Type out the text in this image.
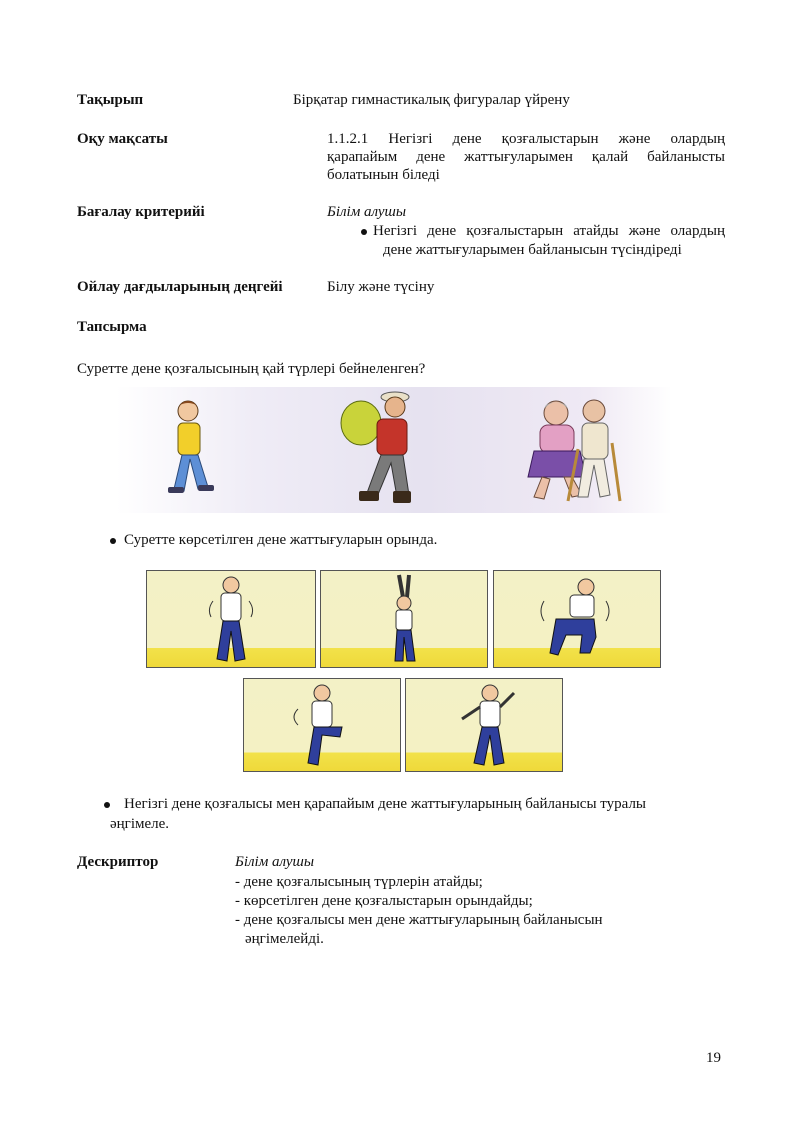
Тақырып	Бірқатар гимнастикалық фигуралар үйрену
Оқу мақсаты	1.1.2.1 Негізгі дене қозғалыстарын және олардың
қарапайым дене жаттығуларымен қалай байланысты
болатынын біледі
Бағалау критерийі	Білім алушы
Негізгі дене қозғалыстарын атайды және олардың
дене жаттығуларымен байланысын түсіндіреді
Ойлау дағдыларының деңгейі	Білу және түсіну
Тапсырма
Суретте дене қозғалысының қай түрлері бейнеленген?
Суретте көрсетілген дене жаттығуларын орында.
Негізгі дене қозғалысы мен қарапайым дене жаттығуларының байланысы туралы
әңгімеле.
Дескриптор	Білім алушы
- дене қозғалысының түрлерін атайды;
- көрсетілген дене қозғалыстарын орындайды;
- дене қозғалысы мен дене жаттығуларының байланысын
әңгімелейді.
19
